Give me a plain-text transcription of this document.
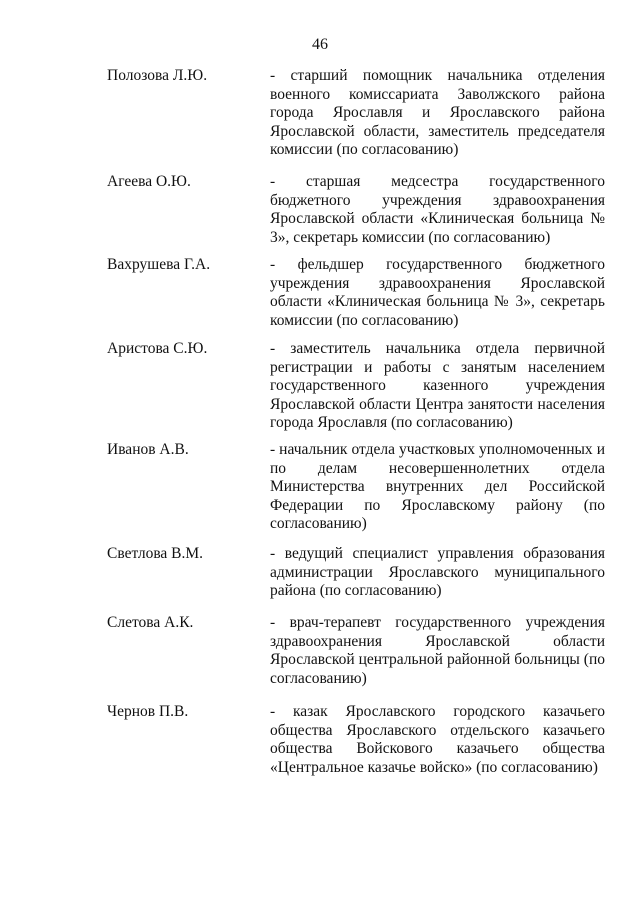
46
Полозова Л.Ю.	- старший помощник начальника отделения военного комиссариата Заволжского района города Ярославля и Ярославского района Ярославской области, заместитель председателя комиссии (по согласованию)
Агеева О.Ю.	- старшая медсестра государственного бюджетного учреждения здравоохранения Ярославской области «Клиническая больница № 3», секретарь комиссии (по согласованию)
Вахрушева Г.А.	- фельдшер государственного бюджетного учреждения здравоохранения Ярославской области «Клиническая больница № 3», секретарь комиссии (по согласованию)
Аристова С.Ю.	- заместитель начальника отдела первичной регистрации и работы с занятым населением государственного казенного учреждения Ярославской области Центра занятости населения города Ярославля (по согласованию)
Иванов А.В.	- начальник отдела участковых уполномоченных и по делам несовершеннолетних отдела Министерства внутренних дел Российской Федерации по Ярославскому району (по согласованию)
Светлова В.М.	- ведущий специалист управления образования администрации Ярославского муниципального района (по согласованию)
Слетова А.К.	- врач-терапевт государственного учреждения здравоохранения Ярославской области Ярославской центральной районной больницы (по согласованию)
Чернов П.В.	- казак Ярославского городского казачьего общества Ярославского отдельского казачьего общества Войскового казачьего общества «Центральное казачье войско» (по согласованию)
